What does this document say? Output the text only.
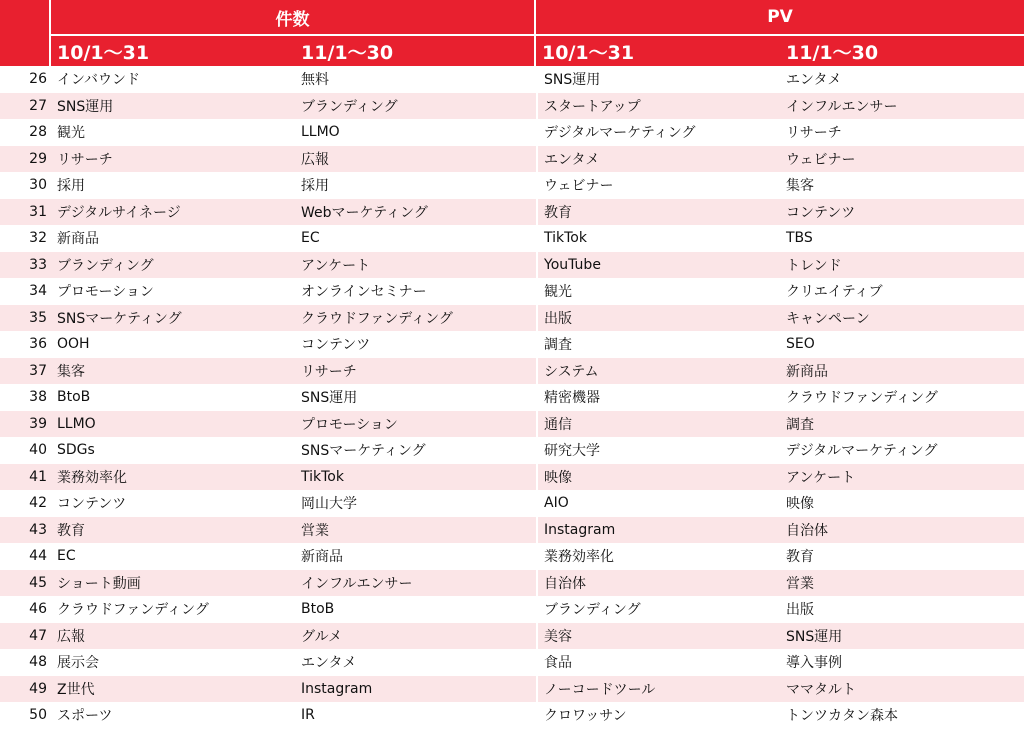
	件数		PV	
	10/1～31	11/1～30	10/1～31	11/1～30
26	インバウンド	無料	SNS運用	エンタメ
27	SNS運用	ブランディング	スタートアップ	インフルエンサー
28	観光	LLMO	デジタルマーケティング	リサーチ
29	リサーチ	広報	エンタメ	ウェビナー
30	採用	採用	ウェビナー	集客
31	デジタルサイネージ	Webマーケティング	教育	コンテンツ
32	新商品	EC	TikTok	TBS
33	ブランディング	アンケート	YouTube	トレンド
34	プロモーション	オンラインセミナー	観光	クリエイティブ
35	SNSマーケティング	クラウドファンディング	出版	キャンペーン
36	OOH	コンテンツ	調査	SEO
37	集客	リサーチ	システム	新商品
38	BtoB	SNS運用	精密機器	クラウドファンディング
39	LLMO	プロモーション	通信	調査
40	SDGs	SNSマーケティング	研究大学	デジタルマーケティング
41	業務効率化	TikTok	映像	アンケート
42	コンテンツ	岡山大学	AIO	映像
43	教育	営業	Instagram	自治体
44	EC	新商品	業務効率化	教育
45	ショート動画	インフルエンサー	自治体	営業
46	クラウドファンディング	BtoB	ブランディング	出版
47	広報	グルメ	美容	SNS運用
48	展示会	エンタメ	食品	導入事例
49	Z世代	Instagram	ノーコードツール	ママタルト
50	スポーツ	IR	クロワッサン	トンツカタン森本
